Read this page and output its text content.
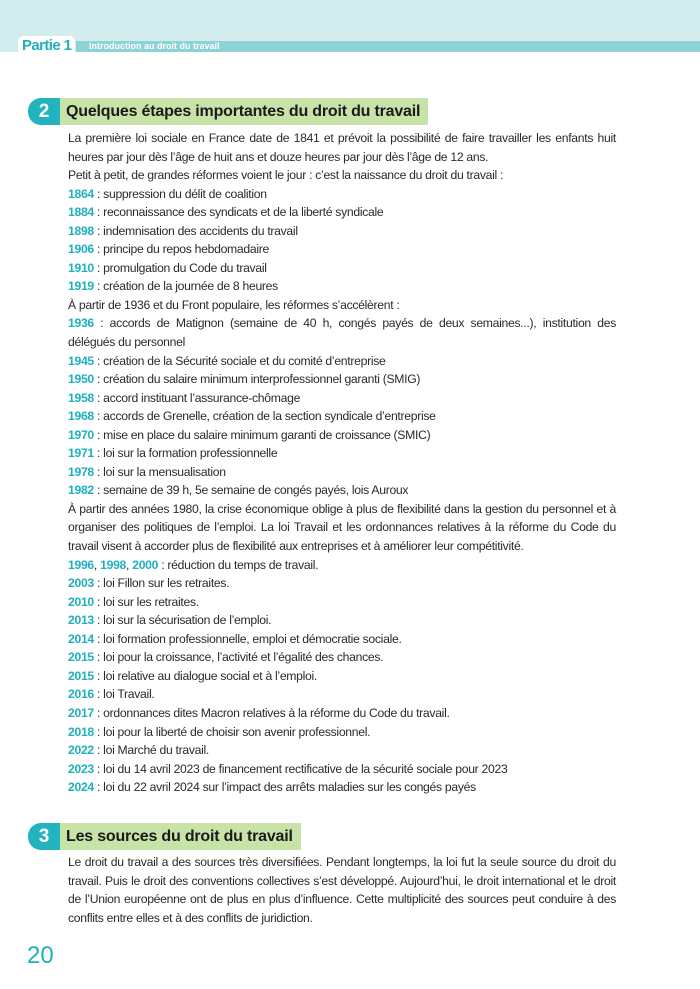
Partie 1	Introduction au droit du travail
2	Quelques étapes importantes du droit du travail

La première loi sociale en France date de 1841 et prévoit la possibilité de faire travailler les enfants huit heures par jour dès l’âge de huit ans et douze heures par jour dès l’âge de 12 ans.

Petit à petit, de grandes réformes voient le jour : c’est la naissance du droit du travail :

1864 : suppression du délit de coalition

1884 : reconnaissance des syndicats et de la liberté syndicale

1898 : indemnisation des accidents du travail

1906 : principe du repos hebdomadaire

1910 : promulgation du Code du travail

1919 : création de la journée de 8 heures

À partir de 1936 et du Front populaire, les réformes s’accélèrent :

1936 : accords de Matignon (semaine de 40 h, congés payés de deux semaines...), institution des délégués du personnel

1945 : création de la Sécurité sociale et du comité d’entreprise

1950 : création du salaire minimum interprofessionnel garanti (SMIG)

1958 : accord instituant l’assurance-chômage

1968 : accords de Grenelle, création de la section syndicale d’entreprise

1970 : mise en place du salaire minimum garanti de croissance (SMIC)

1971 : loi sur la formation professionnelle

1978 : loi sur la mensualisation

1982 : semaine de 39 h, 5e semaine de congés payés, lois Auroux

À partir des années 1980, la crise économique oblige à plus de flexibilité dans la gestion du personnel et à organiser des politiques de l’emploi. La loi Travail et les ordonnances relatives à la réforme du Code du travail visent à accorder plus de flexibilité aux entreprises et à améliorer leur compétitivité.

1996, 1998, 2000 : réduction du temps de travail.

2003 : loi Fillon sur les retraites.

2010 : loi sur les retraites.

2013 : loi sur la sécurisation de l’emploi.

2014 : loi formation professionnelle, emploi et démocratie sociale.

2015 : loi pour la croissance, l’activité et l’égalité des chances.

2015 : loi relative au dialogue social et à l’emploi.

2016 : loi Travail.

2017 : ordonnances dites Macron relatives à la réforme du Code du travail.

2018 : loi pour la liberté de choisir son avenir professionnel.

2022 : loi Marché du travail.

2023 : loi du 14 avril 2023 de financement rectificative de la sécurité sociale pour 2023

2024 : loi du 22 avril 2024 sur l’impact des arrêts maladies sur les congés payés

3	Les sources du droit du travail

Le droit du travail a des sources très diversifiées. Pendant longtemps, la loi fut la seule source du droit du travail. Puis le droit des conventions collectives s’est développé. Aujourd’hui, le droit international et le droit de l’Union européenne ont de plus en plus d’influence. Cette multiplicité des sources peut conduire à des conflits entre elles et à des conflits de juridiction.

20
